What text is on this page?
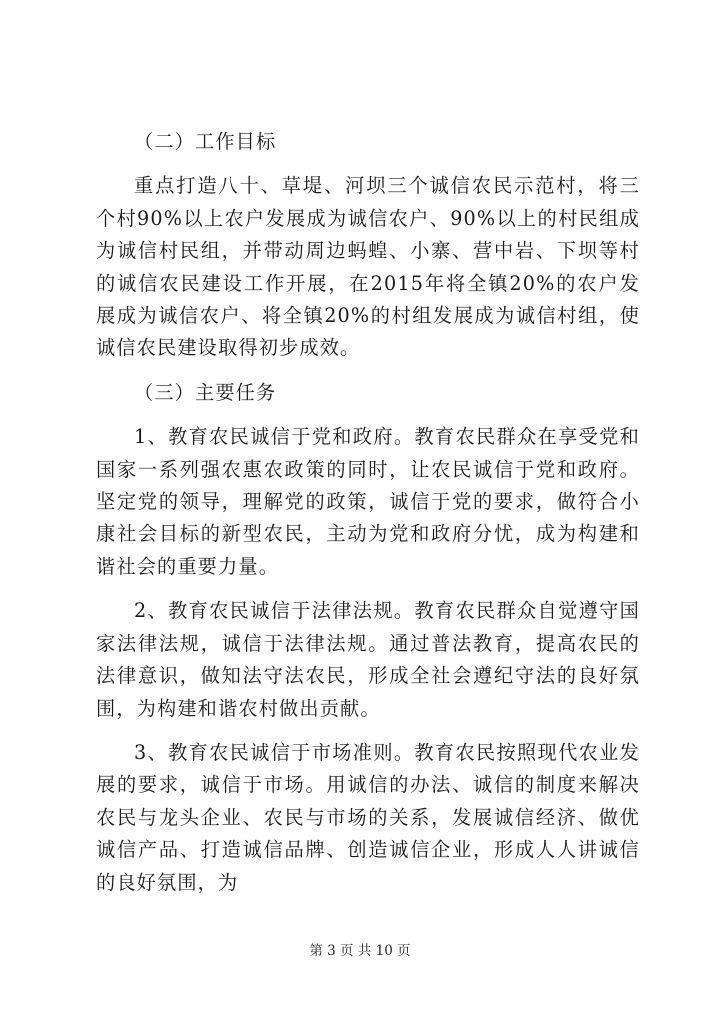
（二）工作目标

重点打造八十、草堤、河坝三个诚信农民示范村，将三个村90%以上农户发展成为诚信农户、90%以上的村民组成为诚信村民组，并带动周边蚂蝗、小寨、营中岩、下坝等村的诚信农民建设工作开展，在2015年将全镇20%的农户发展成为诚信农户、将全镇20%的村组发展成为诚信村组，使诚信农民建设取得初步成效。

（三）主要任务

1、教育农民诚信于党和政府。教育农民群众在享受党和国家一系列强农惠农政策的同时，让农民诚信于党和政府。坚定党的领导，理解党的政策，诚信于党的要求，做符合小康社会目标的新型农民，主动为党和政府分忧，成为构建和谐社会的重要力量。

2、教育农民诚信于法律法规。教育农民群众自觉遵守国家法律法规，诚信于法律法规。通过普法教育，提高农民的法律意识，做知法守法农民，形成全社会遵纪守法的良好氛围，为构建和谐农村做出贡献。

3、教育农民诚信于市场准则。教育农民按照现代农业发展的要求，诚信于市场。用诚信的办法、诚信的制度来解决农民与龙头企业、农民与市场的关系，发展诚信经济、做优诚信产品、打造诚信品牌、创造诚信企业，形成人人讲诚信的良好氛围，为

第 3 页 共 10 页
